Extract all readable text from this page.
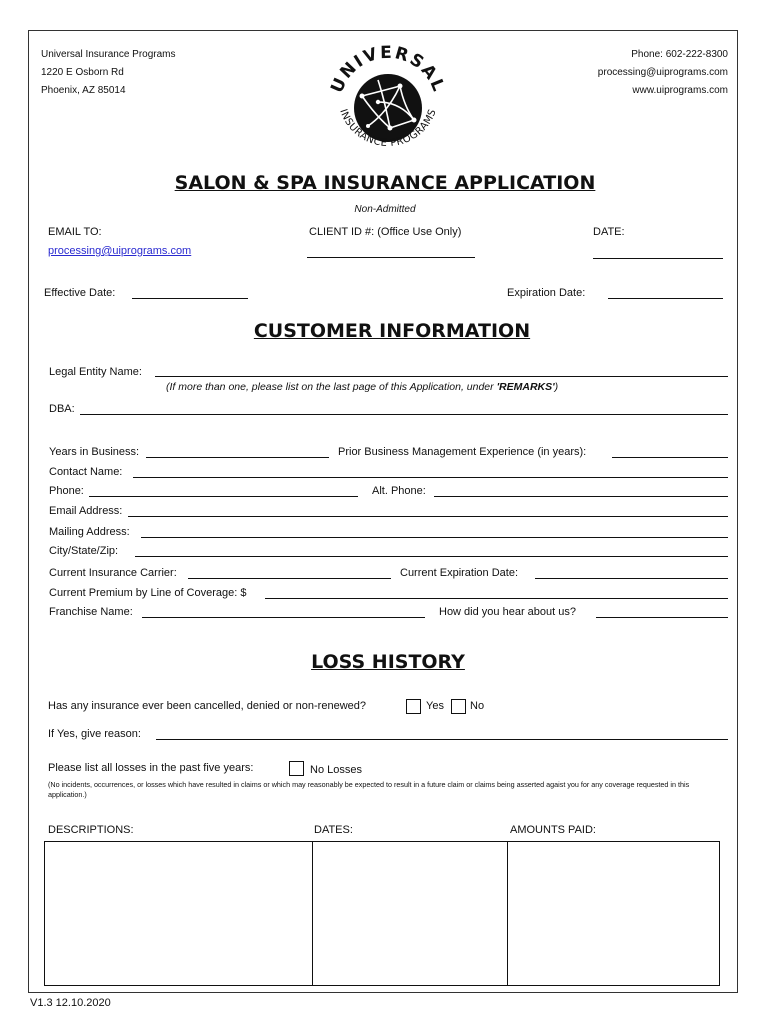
Universal Insurance Programs
1220 E Osborn Rd
Phoenix, AZ 85014
Phone: 602-222-8300
processing@uiprograms.com
www.uiprograms.com
UNIVERSAL
INSURANCE PROGRAMS
SALON & SPA INSURANCE APPLICATION
Non-Admitted
EMAIL TO:
processing@uiprograms.com
CLIENT ID #: (Office Use Only)	DATE:
Effective Date:	Expiration Date:
CUSTOMER INFORMATION
Legal Entity Name:
(If more than one, please list on the last page of this Application, under 'REMARKS')
DBA:
Years in Business:	Prior Business Management Experience (in years):
Contact Name:
Phone:	Alt. Phone:
Email Address:
Mailing Address:
City/State/Zip:
Current Insurance Carrier:	Current Expiration Date:
Current Premium by Line of Coverage: $
Franchise Name:	How did you hear about us?
LOSS HISTORY
Has any insurance ever been cancelled, denied or non-renewed?	Yes No
If Yes, give reason:
Please list all losses in the past five years:	No Losses
(No incidents, occurrences, or losses which have resulted in claims or which may reasonably be expected to result in a future claim or claims being asserted agaist you for any coverage requested in this application.)
DESCRIPTIONS:	DATES:	AMOUNTS PAID:
V1.3 12.10.2020
